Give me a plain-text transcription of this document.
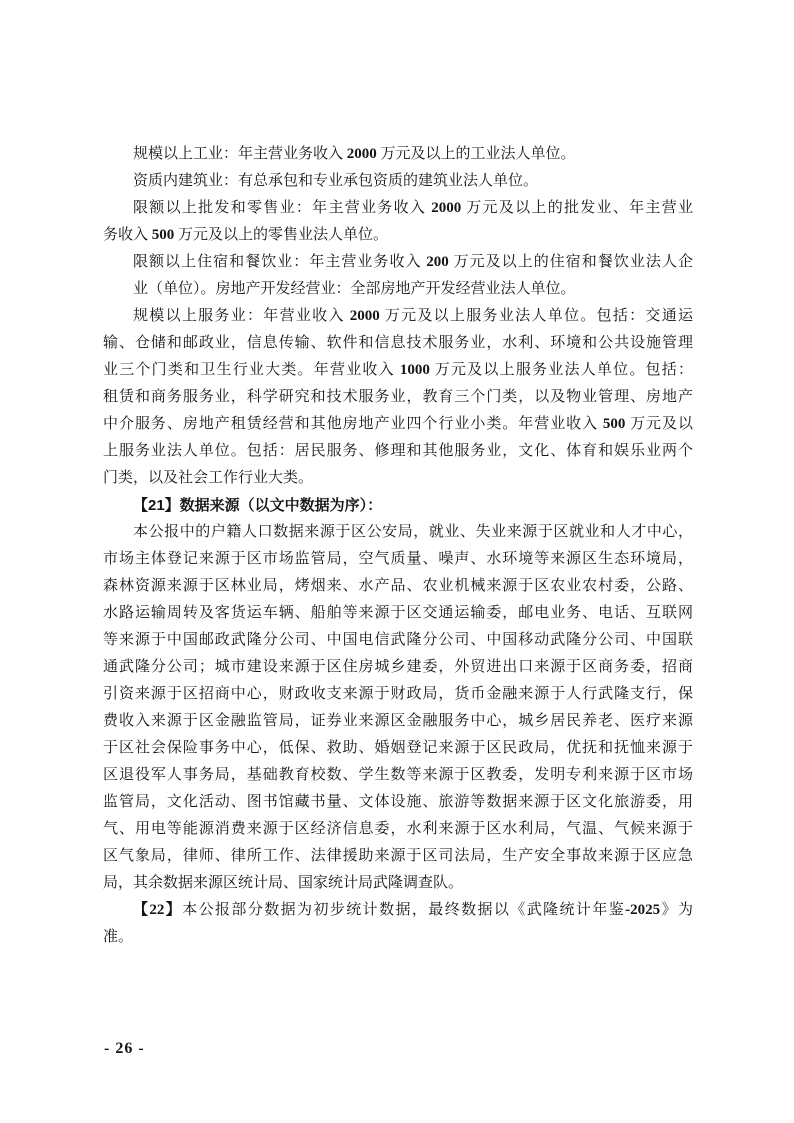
规模以上工业：年主营业务收入 2000 万元及以上的工业法人单位。
资质内建筑业：有总承包和专业承包资质的建筑业法人单位。
限额以上批发和零售业：年主营业务收入 2000 万元及以上的批发业、年主营业
务收入 500 万元及以上的零售业法人单位。
限额以上住宿和餐饮业：年主营业务收入 200 万元及以上的住宿和餐饮业法人企
业（单位）。房地产开发经营业：全部房地产开发经营业法人单位。
规模以上服务业：年营业收入 2000 万元及以上服务业法人单位。包括：交通运
输、仓储和邮政业，信息传输、软件和信息技术服务业，水利、环境和公共设施管理
业三个门类和卫生行业大类。年营业收入 1000 万元及以上服务业法人单位。包括：
租赁和商务服务业，科学研究和技术服务业，教育三个门类，以及物业管理、房地产
中介服务、房地产租赁经营和其他房地产业四个行业小类。年营业收入 500 万元及以
上服务业法人单位。包括：居民服务、修理和其他服务业，文化、体育和娱乐业两个
门类，以及社会工作行业大类。
【21】数据来源（以文中数据为序）：
本公报中的户籍人口数据来源于区公安局，就业、失业来源于区就业和人才中心，
市场主体登记来源于区市场监管局，空气质量、噪声、水环境等来源区生态环境局，
森林资源来源于区林业局，烤烟来、水产品、农业机械来源于区农业农村委，公路、
水路运输周转及客货运车辆、船舶等来源于区交通运输委，邮电业务、电话、互联网
等来源于中国邮政武隆分公司、中国电信武隆分公司、中国移动武隆分公司、中国联
通武隆分公司；城市建设来源于区住房城乡建委，外贸进出口来源于区商务委，招商
引资来源于区招商中心，财政收支来源于财政局，货币金融来源于人行武隆支行，保
费收入来源于区金融监管局，证券业来源区金融服务中心，城乡居民养老、医疗来源
于区社会保险事务中心，低保、救助、婚姻登记来源于区民政局，优抚和抚恤来源于
区退役军人事务局，基础教育校数、学生数等来源于区教委，发明专利来源于区市场
监管局，文化活动、图书馆藏书量、文体设施、旅游等数据来源于区文化旅游委，用
气、用电等能源消费来源于区经济信息委，水利来源于区水利局，气温、气候来源于
区气象局，律师、律所工作、法律援助来源于区司法局，生产安全事故来源于区应急
局，其余数据来源区统计局、国家统计局武隆调查队。
【22】本公报部分数据为初步统计数据，最终数据以《武隆统计年鉴-2025》为
准。
- 26 -
